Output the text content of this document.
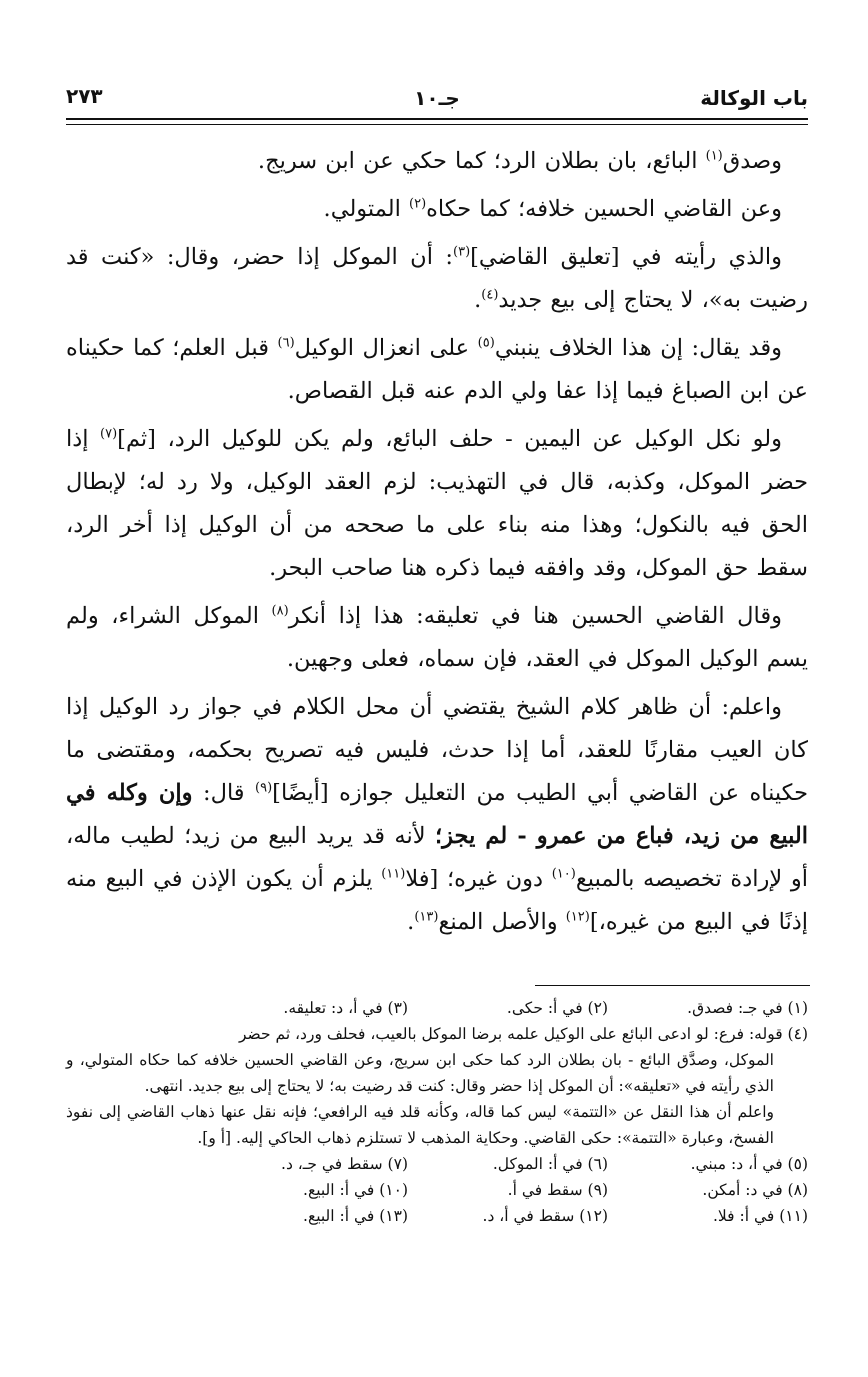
باب الوكالة
جـ١٠
٢٧٣

وصدق$^{(١)}$ البائع، بان بطلان الرد؛ كما حكي عن ابن سريج.

وعن القاضي الحسين خلافه؛ كما حكاه$^{(٢)}$ المتولي.

والذي رأيته في [تعليق القاضي]$^{(٣)}$: أن الموكل إذا حضر، وقال: «كنت قد رضيت به»، لا يحتاج إلى بيع جديد$^{(٤)}$.

وقد يقال: إن هذا الخلاف ينبني$^{(٥)}$ على انعزال الوكيل$^{(٦)}$ قبل العلم؛ كما حكيناه عن ابن الصباغ فيما إذا عفا ولي الدم عنه قبل القصاص.

ولو نكل الوكيل عن اليمين - حلف البائع، ولم يكن للوكيل الرد، [ثم]$^{(٧)}$ إذا حضر الموكل، وكذبه، قال في التهذيب: لزم العقد الوكيل، ولا رد له؛ لإبطال الحق فيه بالنكول؛ وهذا منه بناء على ما صححه من أن الوكيل إذا أخر الرد، سقط حق الموكل، وقد وافقه فيما ذكره هنا صاحب البحر.

وقال القاضي الحسين هنا في تعليقه: هذا إذا أنكر$^{(٨)}$ الموكل الشراء، ولم يسم الوكيل الموكل في العقد، فإن سماه، فعلى وجهين.

واعلم: أن ظاهر كلام الشيخ يقتضي أن محل الكلام في جواز رد الوكيل إذا كان العيب مقارنًا للعقد، أما إذا حدث، فليس فيه تصريح بحكمه، ومقتضى ما حكيناه عن القاضي أبي الطيب من التعليل جوازه [أيضًا]$^{(٩)}$ قال: وإن وكله في البيع من زيد، فباع من عمرو - لم يجز؛ لأنه قد يريد البيع من زيد؛ لطيب ماله، أو لإرادة تخصيصه بالمبيع$^{(١٠)}$ دون غيره؛ [فلا$^{(١١)}$ يلزم أن يكون الإذن في البيع منه إذنًا في البيع من غيره،]$^{(١٢)}$ والأصل المنع$^{(١٣)}$.

(١) في جـ: فصدق.
(٢) في أ: حكى.
(٣) في أ، د: تعليقه.

(٤) قوله: فرع: لو ادعى البائع على الوكيل علمه برضا الموكل بالعيب، فحلف ورد، ثم حضر

الموكل، وصدَّق البائع - بان بطلان الرد كما حكى ابن سريج، وعن القاضي الحسين خلافه كما حكاه المتولي، و الذي رأيته في «تعليقه»: أن الموكل إذا حضر وقال: كنت قد رضيت به؛ لا يحتاج إلى بيع جديد. انتهى.

واعلم أن هذا النقل عن «التتمة» ليس كما قاله، وكأنه قلد فيه الرافعي؛ فإنه نقل عنها ذهاب القاضي إلى نفوذ الفسخ، وعبارة «التتمة»: حكى القاضي. وحكاية المذهب لا تستلزم ذهاب الحاكي إليه. [أ و].

(٥) في أ، د: مبني.
(٦) في أ: الموكل.
(٧) سقط في جـ، د.
(٨) في د: أمكن.
(٩) سقط في أ.
(١٠) في أ: البيع.
(١١) في أ: فلا.
(١٢) سقط في أ، د.
(١٣) في أ: البيع.
